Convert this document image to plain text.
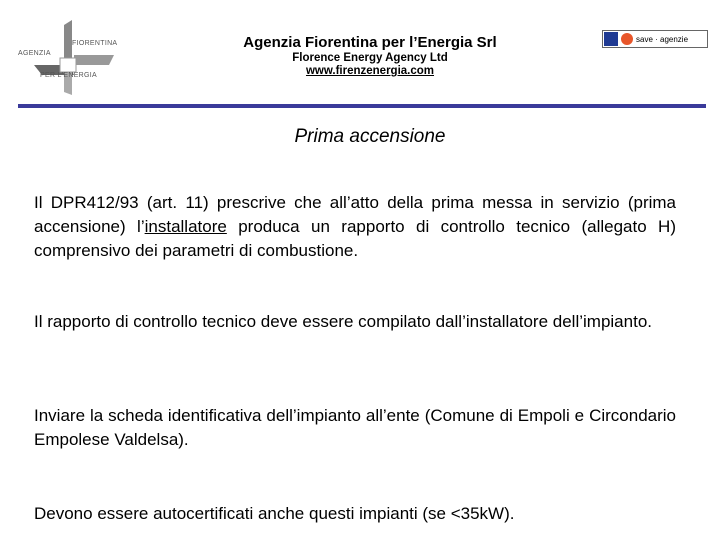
AGENZIA
FIORENTINA
PER L'ENERGIA
Agenzia Fiorentina per l’Energia Srl
Florence Energy Agency Ltd
www.firenzenergia.com
save · agenzie
Prima accensione

Il DPR412/93 (art. 11) prescrive che all’atto della prima messa in servizio (prima accensione) l’installatore produca un rapporto di controllo tecnico (allegato H) comprensivo dei parametri di combustione.

Il rapporto di controllo tecnico deve essere compilato dall’installatore dell’impianto.

Inviare la scheda identificativa dell’impianto all’ente (Comune di Empoli e Circondario Empolese Valdelsa).

Devono essere autocertificati anche questi impianti (se <35kW).
